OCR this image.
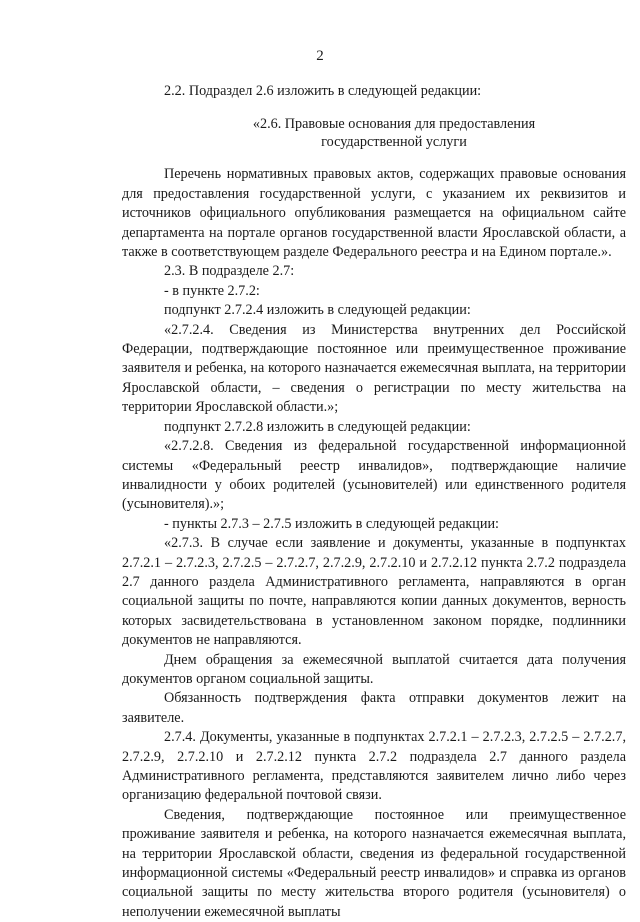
2

2.2. Подраздел 2.6 изложить в следующей редакции:

«2.6. Правовые основания для предоставления
государственной услуги

Перечень нормативных правовых актов, содержащих правовые основания для предоставления государственной услуги, с указанием их реквизитов и источников официального опубликования размещается на официальном сайте департамента на портале органов государственной власти Ярославской области, а также в соответствующем разделе Федерального реестра и на Едином портале.».

2.3. В подразделе 2.7:

- в пункте 2.7.2:

подпункт 2.7.2.4 изложить в следующей редакции:

«2.7.2.4. Сведения из Министерства внутренних дел Российской Федерации, подтверждающие постоянное или преимущественное проживание заявителя и ребенка, на которого назначается ежемесячная выплата, на территории Ярославской области, – сведения о регистрации по месту жительства на территории Ярославской области.»;

подпункт 2.7.2.8 изложить в следующей редакции:

«2.7.2.8. Сведения из федеральной государственной информационной системы «Федеральный реестр инвалидов», подтверждающие наличие инвалидности у обоих родителей (усыновителей) или единственного родителя (усыновителя).»;

- пункты 2.7.3 – 2.7.5 изложить в следующей редакции:

«2.7.3. В случае если заявление и документы, указанные в подпунктах 2.7.2.1 – 2.7.2.3, 2.7.2.5 – 2.7.2.7, 2.7.2.9, 2.7.2.10 и 2.7.2.12 пункта 2.7.2 подраздела 2.7 данного раздела Административного регламента, направляются в орган социальной защиты по почте, направляются копии данных документов, верность которых засвидетельствована в установленном законом порядке, подлинники документов не направляются.

Днем обращения за ежемесячной выплатой считается дата получения документов органом социальной защиты.

Обязанность подтверждения факта отправки документов лежит на заявителе.

2.7.4. Документы, указанные в подпунктах 2.7.2.1 – 2.7.2.3, 2.7.2.5 – 2.7.2.7, 2.7.2.9, 2.7.2.10 и 2.7.2.12 пункта 2.7.2 подраздела 2.7 данного раздела Административного регламента, представляются заявителем лично либо через организацию федеральной почтовой связи.

Сведения, подтверждающие постоянное или преимущественное проживание заявителя и ребенка, на которого назначается ежемесячная выплата, на территории Ярославской области, сведения из федеральной государственной информационной системы «Федеральный реестр инвалидов» и справка из органов социальной защиты по месту жительства второго родителя (усыновителя) о неполучении ежемесячной выплаты
